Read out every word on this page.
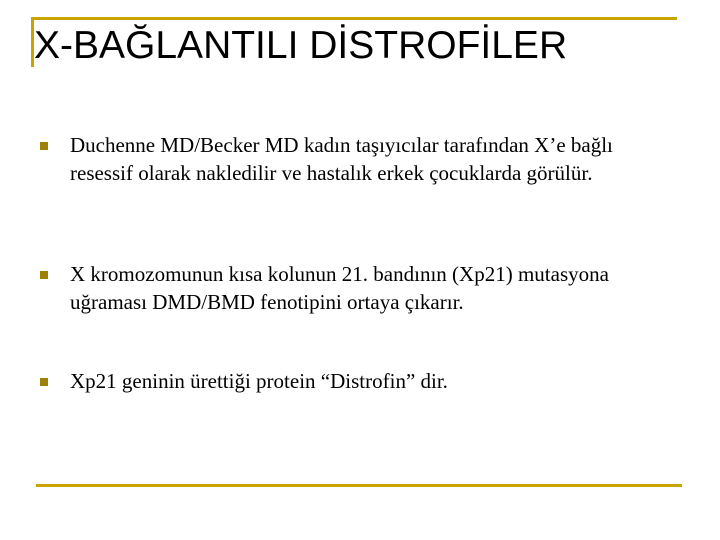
X-BAĞLANTILI DİSTROFİLER
Duchenne MD/Becker MD kadın taşıyıcılar tarafından X’e bağlı resessif olarak nakledilir ve hastalık erkek çocuklarda görülür.
X kromozomunun kısa kolunun 21. bandının (Xp21) mutasyona uğraması DMD/BMD fenotipini ortaya çıkarır.
Xp21 geninin ürettiği protein “Distrofin” dir.
